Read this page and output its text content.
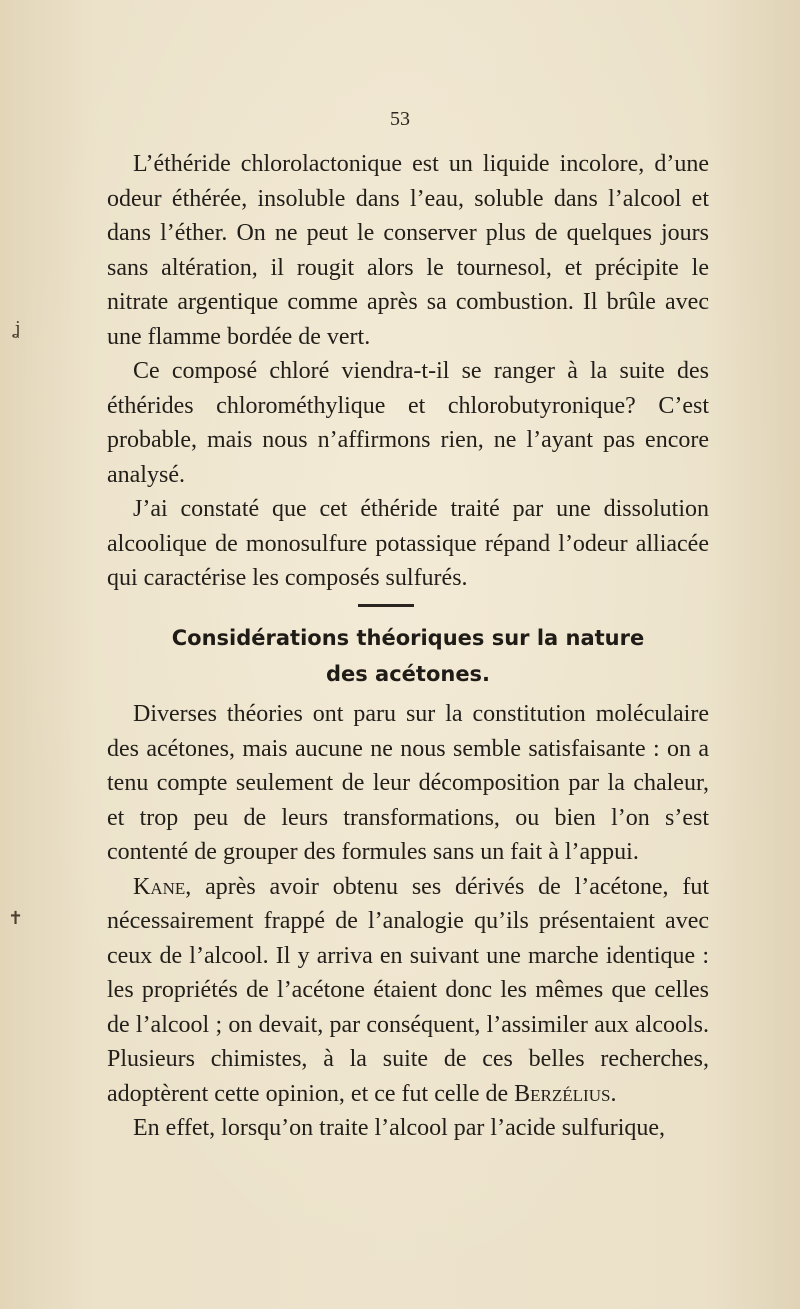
53
ʝ
✝

L’éthéride chlorolactonique est un liquide incolore, d’une odeur éthérée, insoluble dans l’eau, soluble dans l’alcool et dans l’éther. On ne peut le conserver plus de quelques jours sans altération, il rougit alors le tournesol, et précipite le nitrate argentique comme après sa combustion. Il brûle avec une flamme bordée de vert.

Ce composé chloré viendra-t-il se ranger à la suite des éthérides chlorométhylique et chlorobutyronique? C’est probable, mais nous n’affirmons rien, ne l’ayant pas encore analysé.

J’ai constaté que cet éthéride traité par une dissolution alcoolique de monosulfure potassique répand l’odeur alliacée qui caractérise les composés sulfurés.

Considérations théoriques sur la nature
des acétones.

Diverses théories ont paru sur la constitution moléculaire des acétones, mais aucune ne nous semble satisfaisante : on a tenu compte seulement de leur décomposition par la chaleur, et trop peu de leurs transformations, ou bien l’on s’est contenté de grouper des formules sans un fait à l’appui.

Kane, après avoir obtenu ses dérivés de l’acétone, fut nécessairement frappé de l’analogie qu’ils présentaient avec ceux de l’alcool. Il y arriva en suivant une marche identique : les propriétés de l’acétone étaient donc les mêmes que celles de l’alcool ; on devait, par conséquent, l’assimiler aux alcools. Plusieurs chimistes, à la suite de ces belles recherches, adoptèrent cette opinion, et ce fut celle de Berzélius.

En effet, lorsqu’on traite l’alcool par l’acide sulfurique,
